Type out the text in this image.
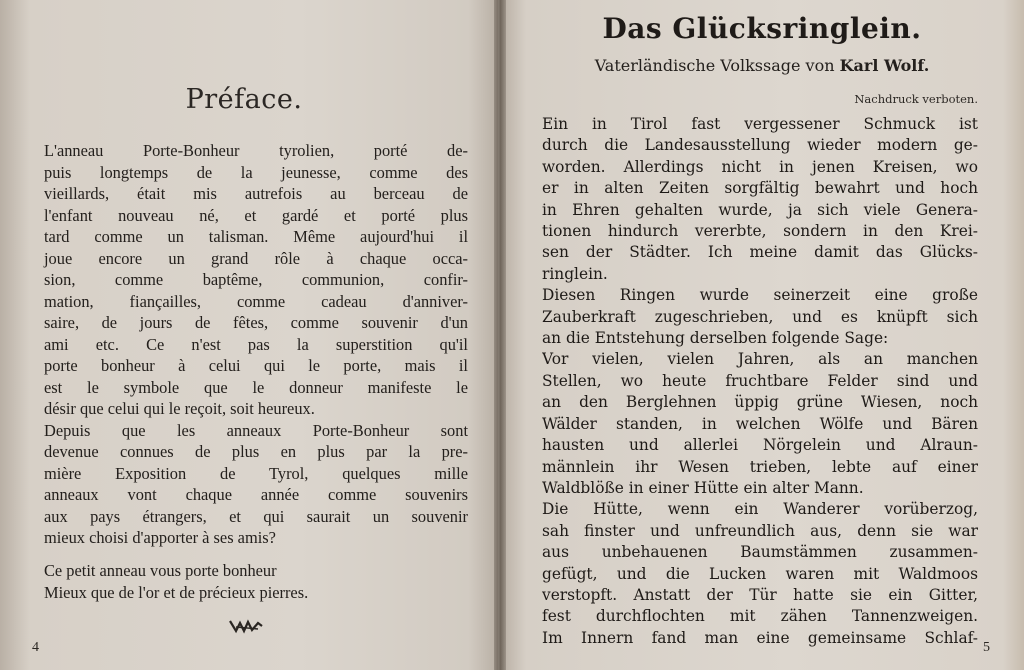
Préface.

L'anneau Porte-Bonheur tyrolien, porté de-
puis longtemps de la jeunesse, comme des
vieillards, était mis autrefois au berceau de
l'enfant nouveau né, et gardé et porté plus
tard comme un talisman. Même aujourd'hui il
joue encore un grand rôle à chaque occa-
sion, comme baptême, communion, confir-
mation, fiançailles, comme cadeau d'anniver-
saire, de jours de fêtes, comme souvenir d'un
ami etc. Ce n'est pas la superstition qu'il
porte bonheur à celui qui le porte, mais il
est le symbole que le donneur manifeste le
désir que celui qui le reçoit, soit heureux.

Depuis que les anneaux Porte-Bonheur sont
devenue connues de plus en plus par la pre-
mière Exposition de Tyrol, quelques mille
anneaux vont chaque année comme souvenirs
aux pays étrangers, et qui saurait un souvenir
mieux choisi d'apporter à ses amis?

Ce petit anneau vous porte bonheur
Mieux que de l'or et de précieux pierres.
4
Das Glücksringlein.
Vaterländische Volkssage von Karl Wolf.
Nachdruck verboten.
Ein in Tirol fast vergessener Schmuck ist
durch die Landesausstellung wieder modern ge-
worden. Allerdings nicht in jenen Kreisen, wo
er in alten Zeiten sorgfältig bewahrt und hoch
in Ehren gehalten wurde, ja sich viele Genera-
tionen hindurch vererbte, sondern in den Krei-
sen der Städter. Ich meine damit das Glücks-
ringlein.
Diesen Ringen wurde seinerzeit eine große
Zauberkraft zugeschrieben, und es knüpft sich
an die Entstehung derselben folgende Sage:
Vor vielen, vielen Jahren, als an manchen
Stellen, wo heute fruchtbare Felder sind und
an den Berglehnen üppig grüne Wiesen, noch
Wälder standen, in welchen Wölfe und Bären
hausten und allerlei Nörgelein und Alraun-
männlein ihr Wesen trieben, lebte auf einer
Waldblöße in einer Hütte ein alter Mann.
Die Hütte, wenn ein Wanderer vorüberzog,
sah finster und unfreundlich aus, denn sie war
aus unbehauenen Baumstämmen zusammen-
gefügt, und die Lucken waren mit Waldmoos
verstopft. Anstatt der Tür hatte sie ein Gitter,
fest durchflochten mit zähen Tannenzweigen.
Im Innern fand man eine gemeinsame Schlaf-
5
